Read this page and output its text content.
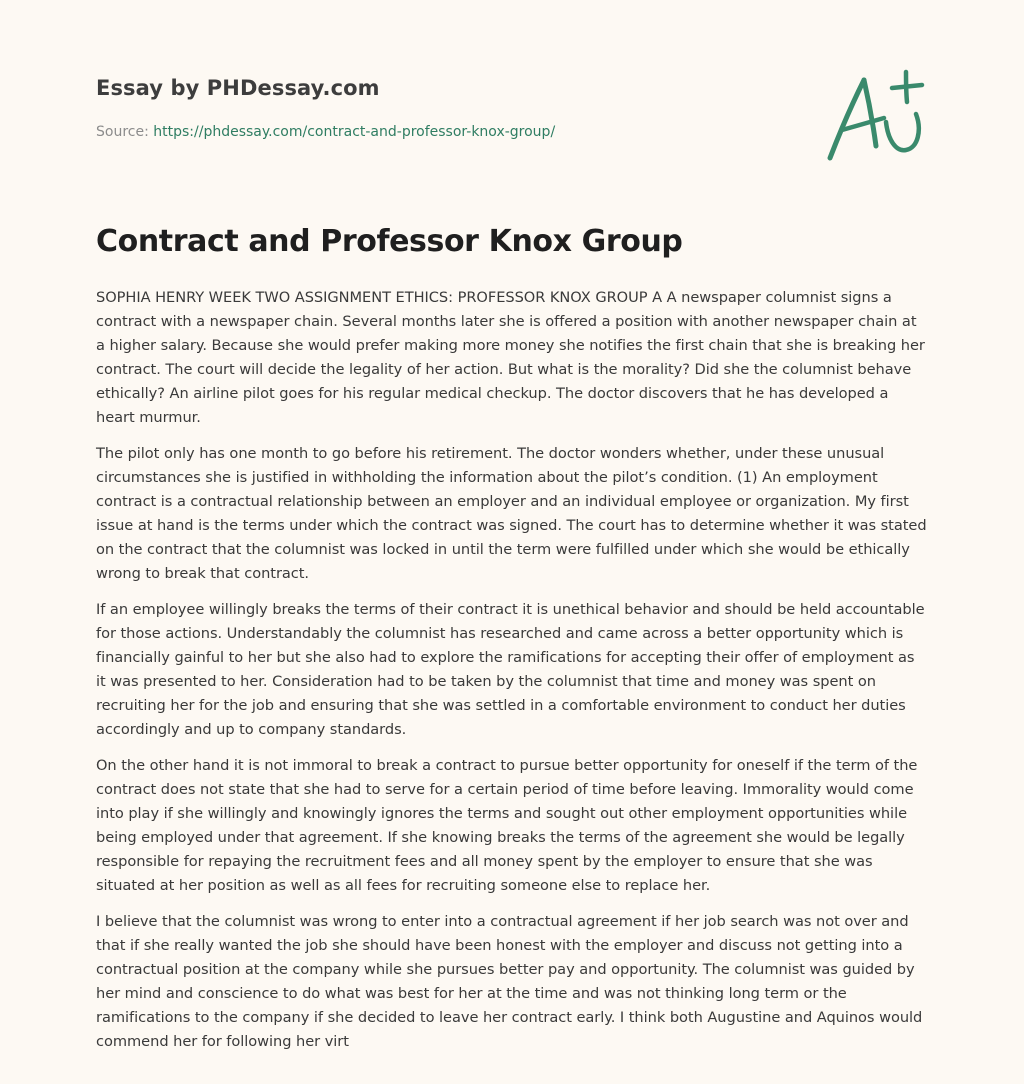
Essay by PHDessay.com

Source: https://phdessay.com/contract-and-professor-knox-group/

Contract and Professor Knox Group

SOPHIA HENRY WEEK TWO ASSIGNMENT ETHICS: PROFESSOR KNOX GROUP A A newspaper columnist signs a contract with a newspaper chain. Several months later she is offered a position with another newspaper chain at a higher salary. Because she would prefer making more money she notifies the first chain that she is breaking her contract. The court will decide the legality of her action. But what is the morality? Did she the columnist behave ethically? An airline pilot goes for his regular medical checkup. The doctor discovers that he has developed a heart murmur.

The pilot only has one month to go before his retirement. The doctor wonders whether, under these unusual circumstances she is justified in withholding the information about the pilot’s condition. (1) An employment contract is a contractual relationship between an employer and an individual employee or organization. My first issue at hand is the terms under which the contract was signed. The court has to determine whether it was stated on the contract that the columnist was locked in until the term were fulfilled under which she would be ethically wrong to break that contract.

If an employee willingly breaks the terms of their contract it is unethical behavior and should be held accountable for those actions. Understandably the columnist has researched and came across a better opportunity which is financially gainful to her but she also had to explore the ramifications for accepting their offer of employment as it was presented to her. Consideration had to be taken by the columnist that time and money was spent on recruiting her for the job and ensuring that she was settled in a comfortable environment to conduct her duties accordingly and up to company standards.

On the other hand it is not immoral to break a contract to pursue better opportunity for oneself if the term of the contract does not state that she had to serve for a certain period of time before leaving. Immorality would come into play if she willingly and knowingly ignores the terms and sought out other employment opportunities while being employed under that agreement. If she knowing breaks the terms of the agreement she would be legally responsible for repaying the recruitment fees and all money spent by the employer to ensure that she was situated at her position as well as all fees for recruiting someone else to replace her.

I believe that the columnist was wrong to enter into a contractual agreement if her job search was not over and that if she really wanted the job she should have been honest with the employer and discuss not getting into a contractual position at the company while she pursues better pay and opportunity. The columnist was guided by her mind and conscience to do what was best for her at the time and was not thinking long term or the ramifications to the company if she decided to leave her contract early. I think both Augustine and Aquinos would commend her for following her virt
